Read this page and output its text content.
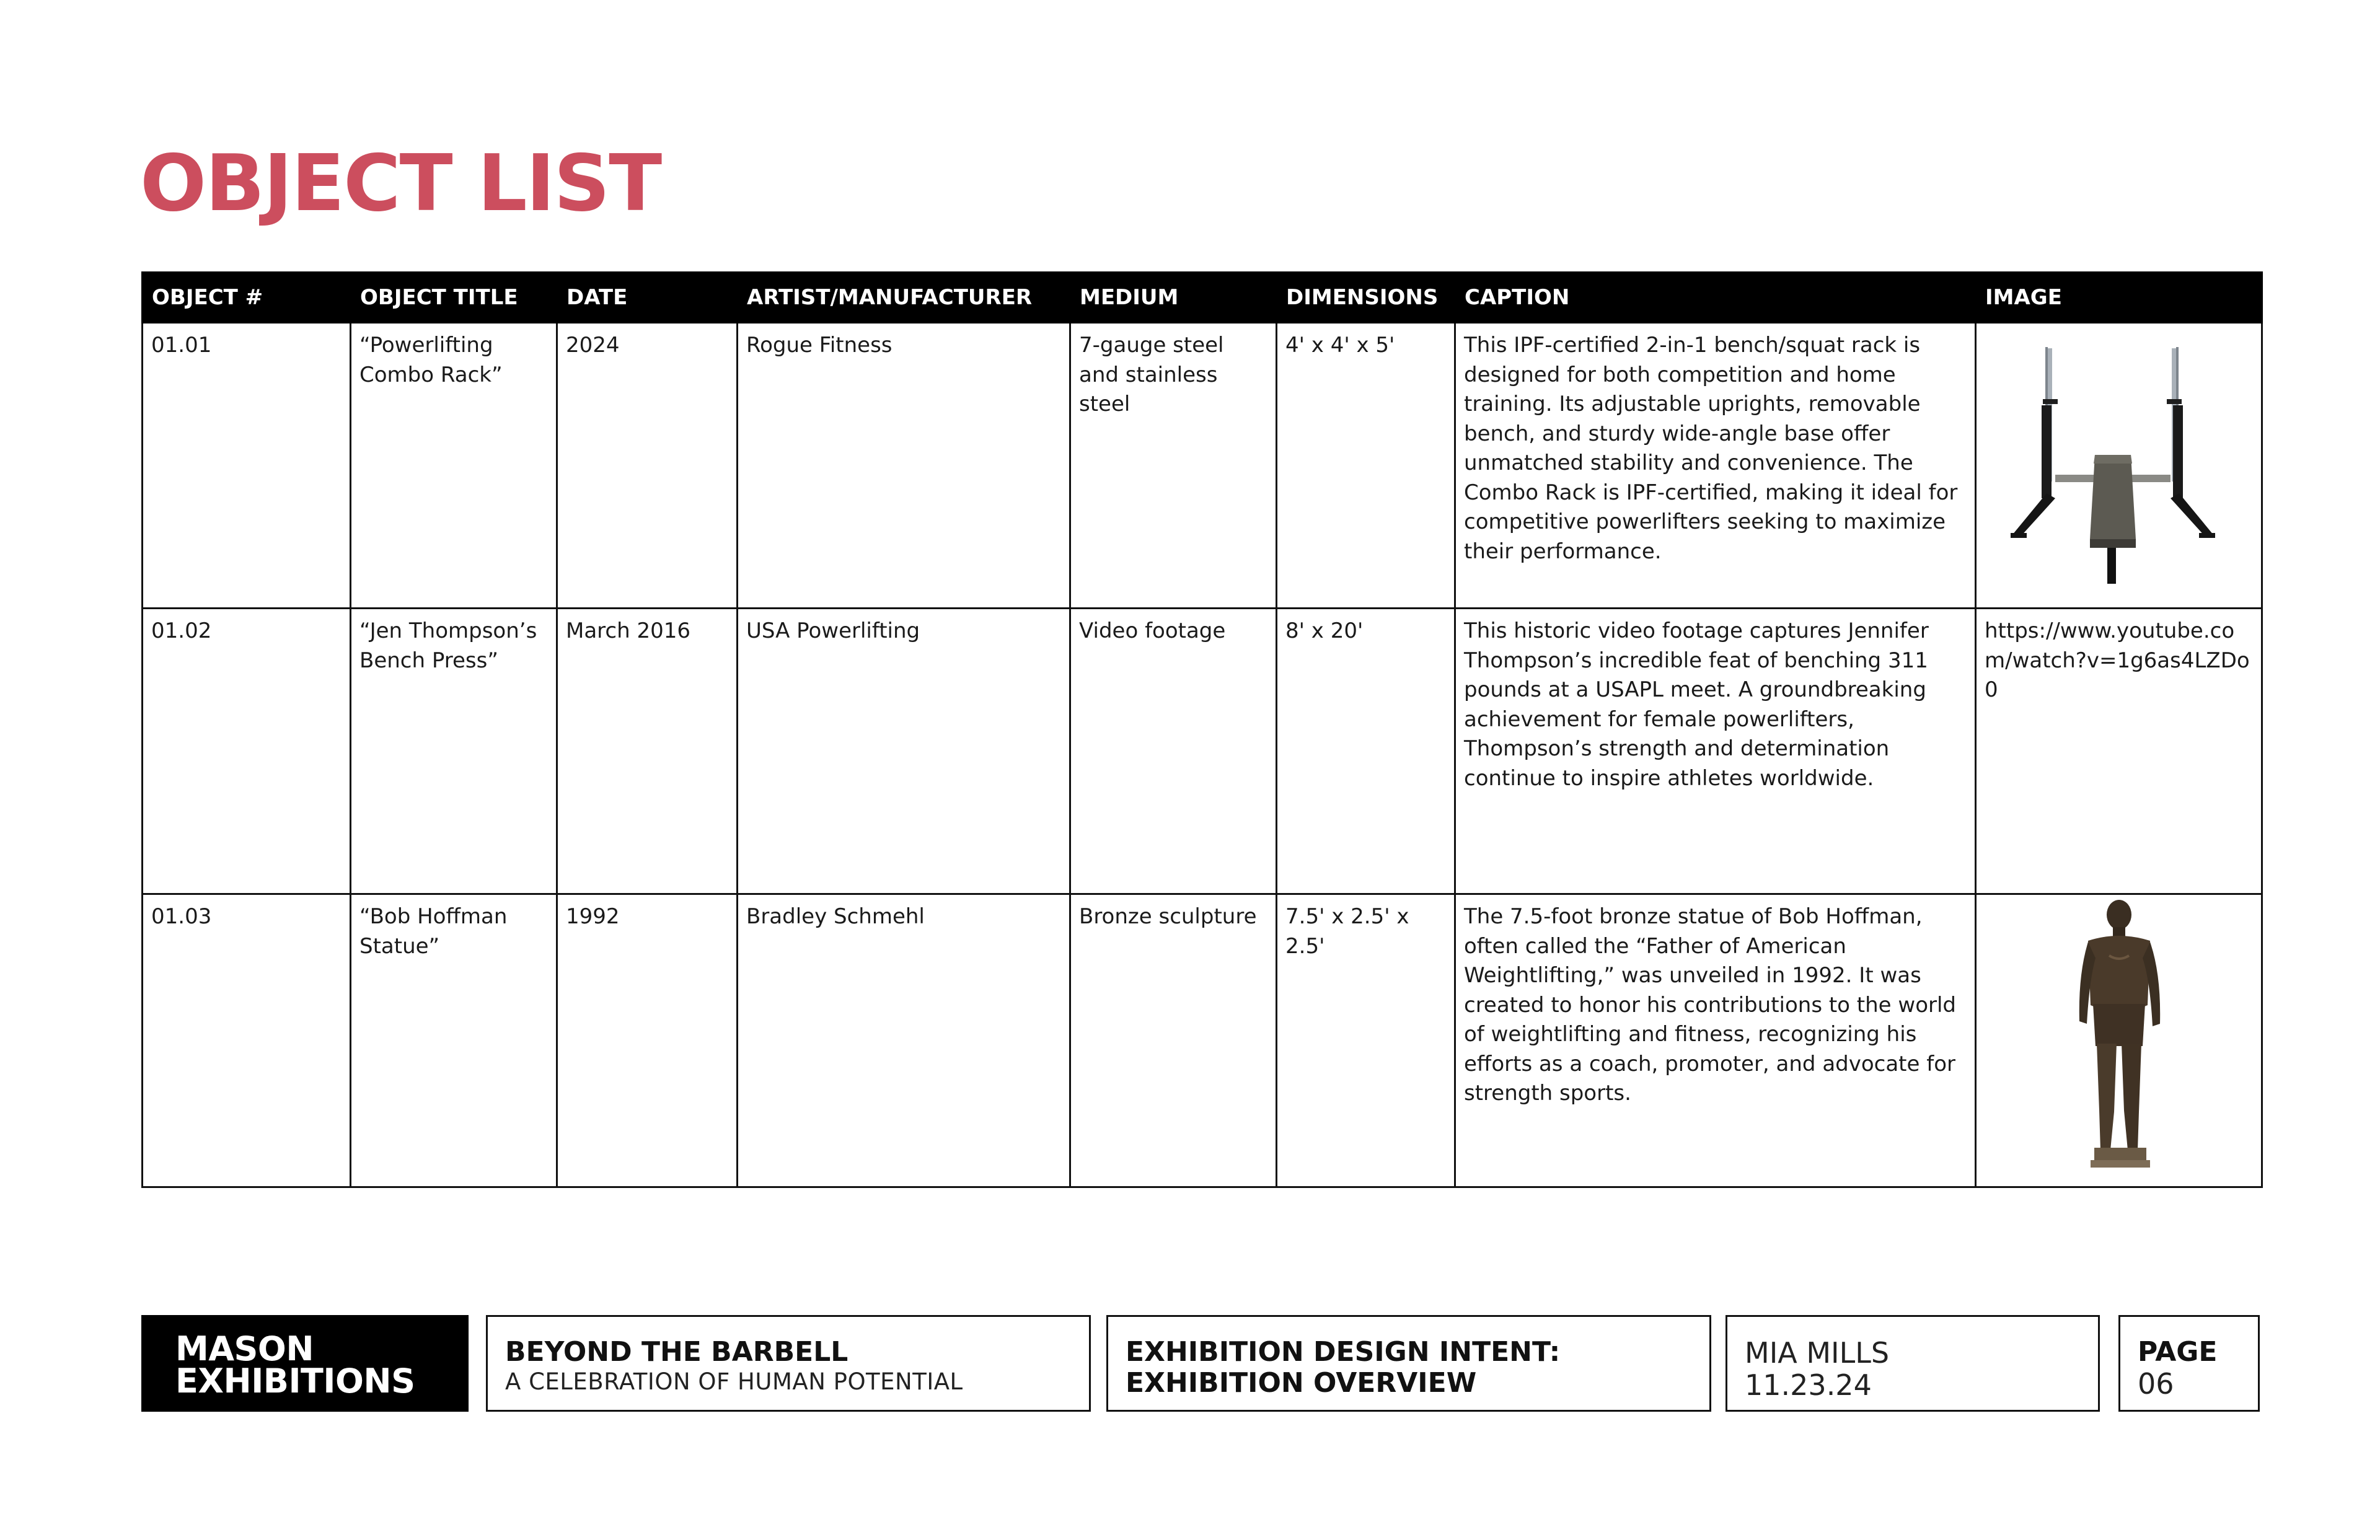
OBJECT LIST
OBJECT #	OBJECT TITLE	DATE	ARTIST/MANUFACTURER	MEDIUM	DIMENSIONS	CAPTION	IMAGE
01.01	“Powerlifting Combo Rack”	2024	Rogue Fitness	7-gauge steel and stainless steel	4' x 4' x 5'	This IPF-certified 2-in-1 bench/squat rack is designed for both competition and home training. Its adjustable uprights, removable bench, and sturdy wide-angle base offer unmatched stability and convenience. The Combo Rack is IPF-certified, making it ideal for competitive powerlifters seeking to maximize their performance.	
01.02	“Jen Thompson’s Bench Press”	March 2016	USA Powerlifting	Video footage	8' x 20'	This historic video footage captures Jennifer Thompson’s incredible feat of benching 311 pounds at a USAPL meet. A groundbreaking achievement for female powerlifters, Thompson’s strength and determination continue to inspire athletes worldwide.	https://www.youtube.com/watch?v=1g6as4LZDo0
01.03	“Bob Hoffman Statue”	1992	Bradley Schmehl	Bronze sculpture	7.5' x 2.5' x 2.5'	The 7.5-foot bronze statue of Bob Hoffman, often called the “Father of American Weightlifting,” was unveiled in 1992. It was created to honor his contributions to the world of weightlifting and fitness, recognizing his efforts as a coach, promoter, and advocate for strength sports.	
MASON
EXHIBITIONS
BEYOND THE BARBELL
A CELEBRATION OF HUMAN POTENTIAL
EXHIBITION DESIGN INTENT:
EXHIBITION OVERVIEW
MIA MILLS
11.23.24
PAGE
06
